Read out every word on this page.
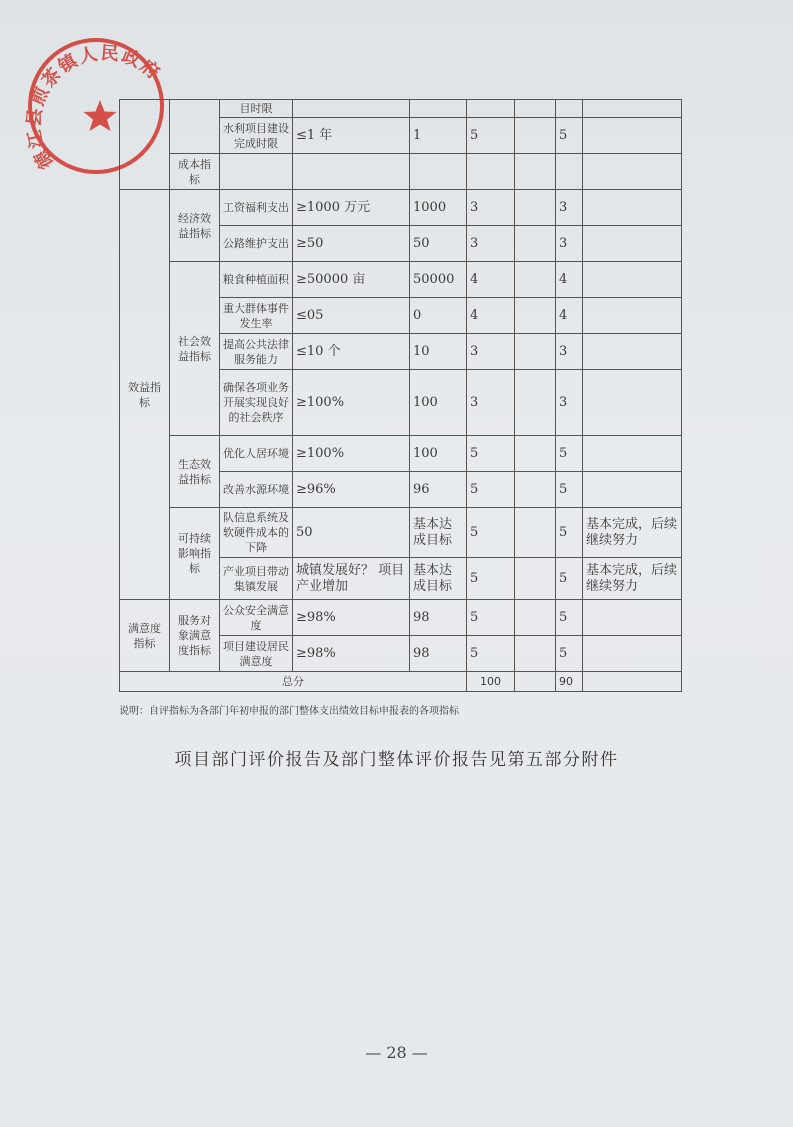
德江县煎茶镇人民政府
		目时限						
		水利项目建设完成时限	≤1 年	1	5		5	
	成本指标							
效益指标	经济效益指标	工资福利支出	≥1000 万元	1000	3		3	
		公路维护支出	≥50	50	3		3	
	社会效益指标	粮食种植面积	≥50000 亩	50000	4		4	
		重大群体事件发生率	≤05	0	4		4	
		提高公共法律服务能力	≤10 个	10	3		3	
		确保各项业务开展实现良好的社会秩序	≥100%	100	3		3	
	生态效益指标	优化人居环境	≥100%	100	5		5	
		改善水源环境	≥96%	96	5		5	
	可持续影响指标	队信息系统及软硬件成本的下降	50	基本达成目标	5		5	基本完成，后续继续努力
		产业项目带动集镇发展	城镇发展好？ 项目产业增加	基本达成目标	5		5	基本完成，后续继续努力
满意度指标	服务对象满意度指标	公众安全满意度	≥98%	98	5		5	
		项目建设居民满意度	≥98%	98	5		5	
总分					100		90	
说明：自评指标为各部门年初申报的部门整体支出绩效目标申报表的各项指标
项目部门评价报告及部门整体评价报告见第五部分附件
— 28 —
